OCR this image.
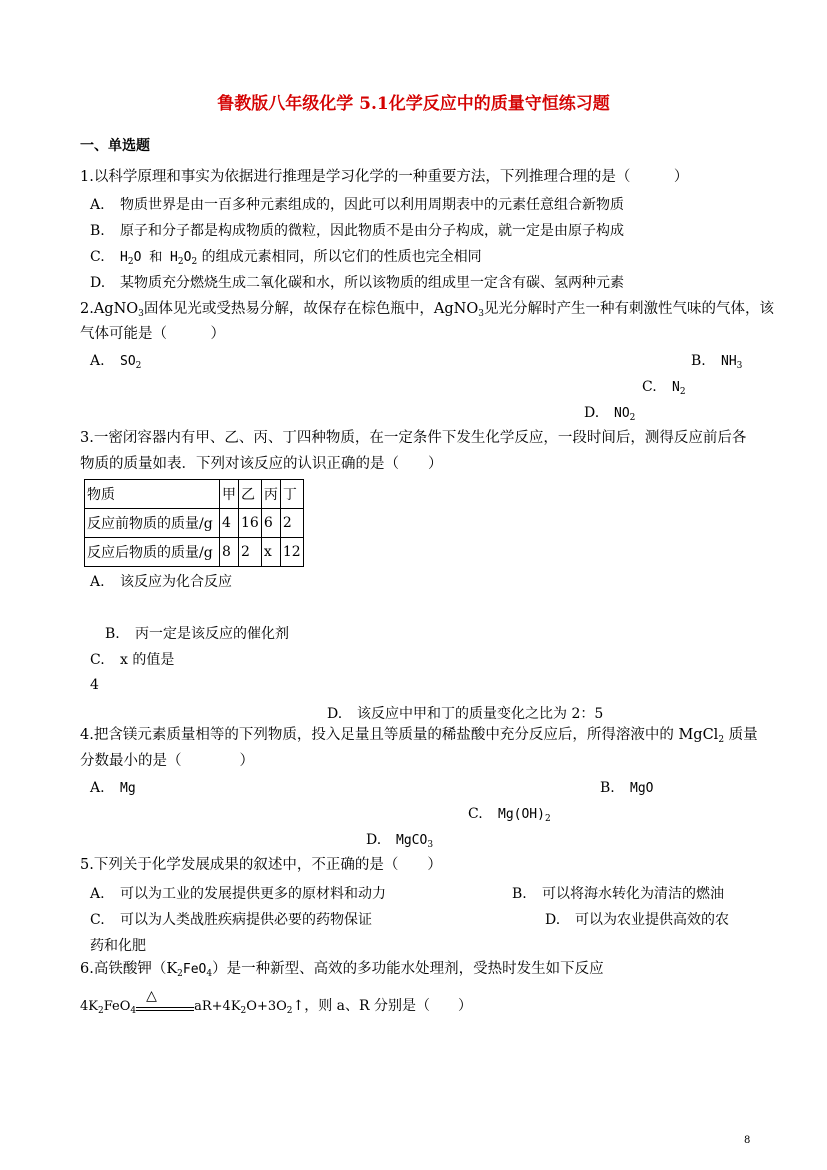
鲁教版八年级化学 5.1化学反应中的质量守恒练习题
一、单选题
1.以科学原理和事实为依据进行推理是学习化学的一种重要方法，下列推理合理的是（　　　）
A. 物质世界是由一百多种元素组成的，因此可以利用周期表中的元素任意组合新物质
B. 原子和分子都是构成物质的微粒，因此物质不是由分子构成，就一定是由原子构成
C. $H_2O$ 和 $H_2O_2$ 的组成元素相同，所以它们的性质也完全相同
D. 某物质充分燃烧生成二氧化碳和水，所以该物质的组成里一定含有碳、氢两种元素
2.AgNO$_3$固体见光或受热易分解，故保存在棕色瓶中，AgNO$_3$见光分解时产生一种有刺激性气味的气体，该
气体可能是（　　　）
A. $SO_2$	B. $NH_3$
C. $N_2$
D. $NO_2$
3.一密闭容器内有甲、乙、丙、丁四种物质，在一定条件下发生化学反应，一段时间后，测得反应前后各
物质的质量如表．下列对该反应的认识正确的是（　　）
物质	甲	乙	丙	丁
反应前物质的质量/g	4	16	6	2
反应后物质的质量/g	8	2	x	12
A. 该反应为化合反应
B. 丙一定是该反应的催化剂
C. x 的值是
4
D. 该反应中甲和丁的质量变化之比为 2：5
4.把含镁元素质量相等的下列物质，投入足量且等质量的稀盐酸中充分反应后，所得溶液中的 MgCl$_2$ 质量
分数最小的是（　　　　）
A. Mg	B. MgO
C. $Mg(OH)_2$
D. MgCO$_3$
5.下列关于化学发展成果的叙述中，不正确的是（　　）
A. 可以为工业的发展提供更多的原材料和动力	B. 可以将海水转化为清洁的燃油
C. 可以为人类战胜疾病提供必要的药物保证	D. 可以为农业提供高效的农
药和化肥
6.高铁酸钾$(K_2FeO_4)$是一种新型、高效的多功能水处理剂，受热时发生如下反应
$4K_2FeO_4$
△
$aR+4K_2O+3O_2↑$，则 a、R 分别是（　　）
8
